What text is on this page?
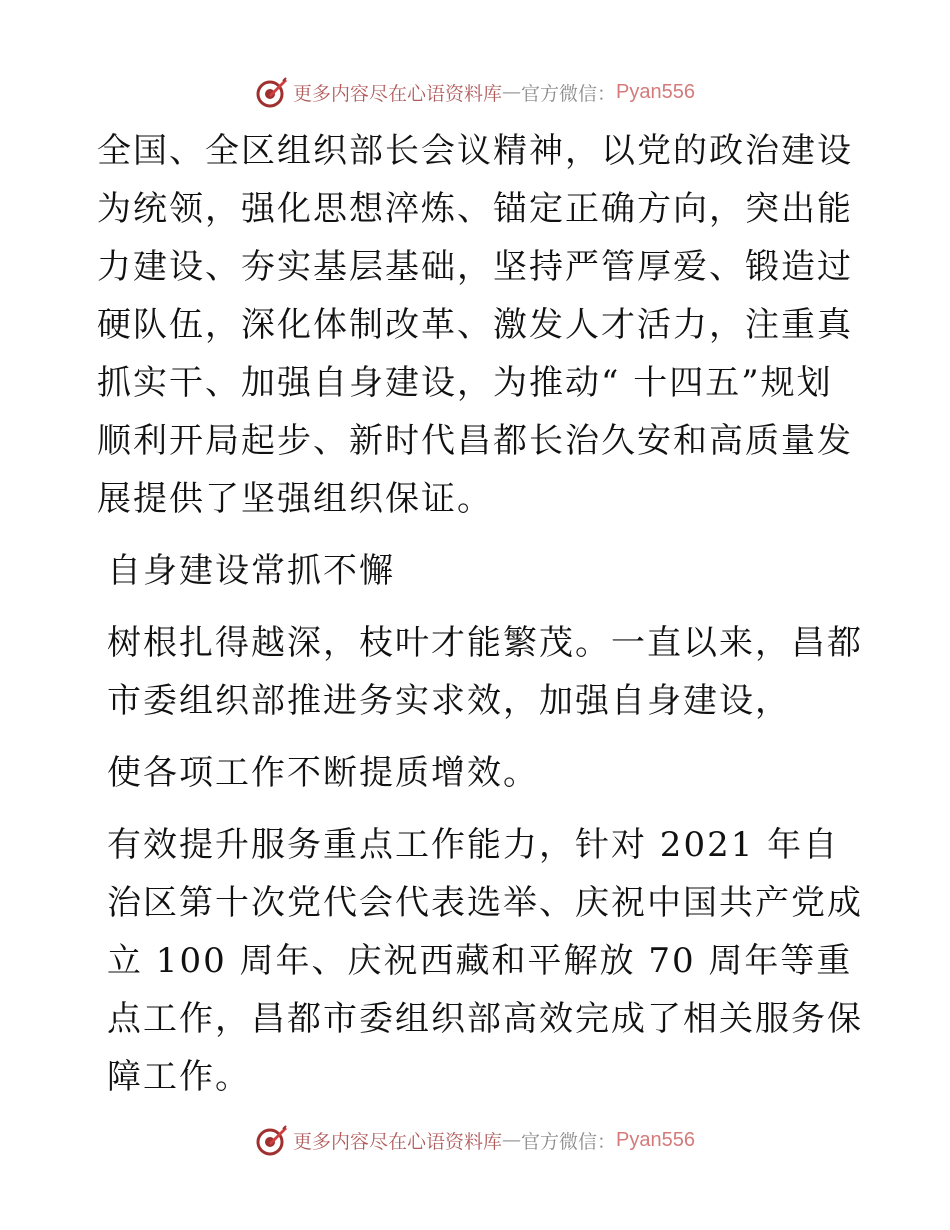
更多内容尽在心语资料库 — 官方微信： Pyan556

全国、全区组织部长会议精神，以党的政治建设为统领，强化思想淬炼、锚定正确方向，突出能力建设、夯实基层基础，坚持严管厚爱、锻造过硬队伍，深化体制改革、激发人才活力，注重真抓实干、加强自身建设，为推动“ 十四五”规划顺利开局起步、新时代昌都长治久安和高质量发展提供了坚强组织保证。

自身建设常抓不懈

树根扎得越深，枝叶才能繁茂。一直以来，昌都市委组织部推进务实求效，加强自身建设，

使各项工作不断提质增效。

有效提升服务重点工作能力，针对 2021 年自治区第十次党代会代表选举、庆祝中国共产党成立 100 周年、庆祝西藏和平解放 70 周年等重点工作，昌都市委组织部高效完成了相关服务保障工作。

更多内容尽在心语资料库 — 官方微信： Pyan556
